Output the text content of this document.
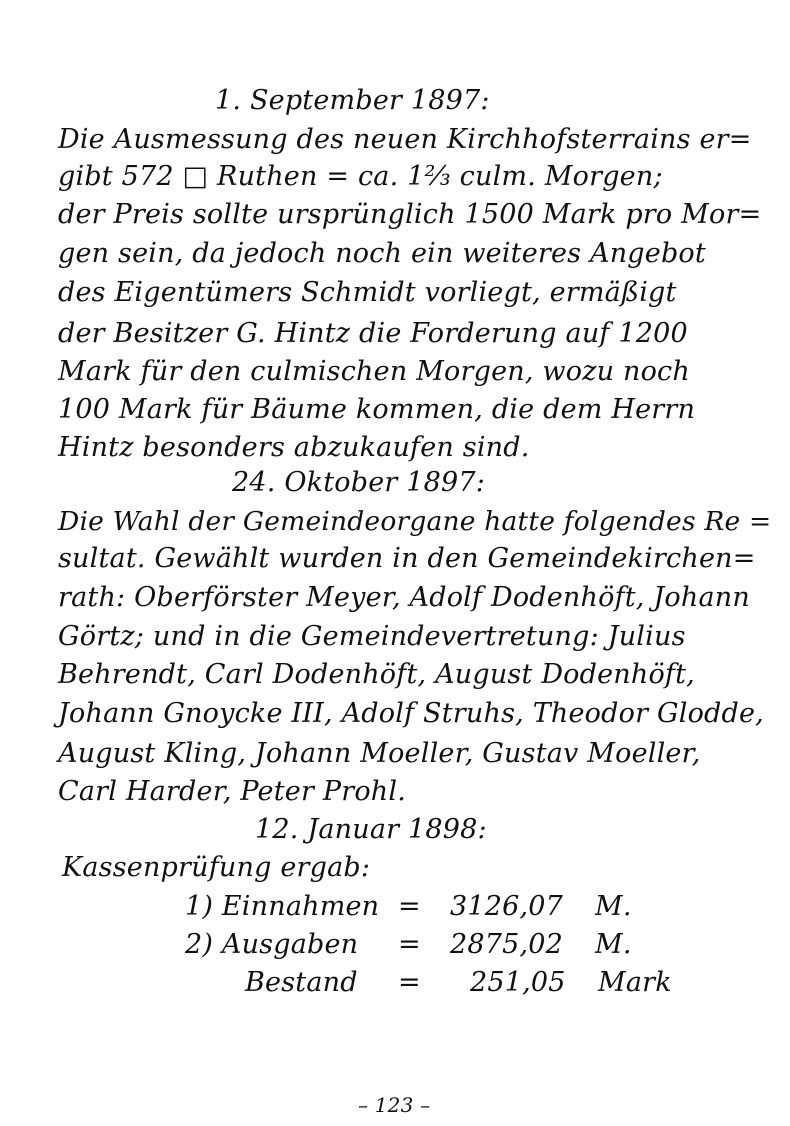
1. September 1897:
Die Ausmessung des neuen Kirchhofsterrains er=
gibt 572 □ Ruthen = ca. 1⅔ culm. Morgen;
der Preis sollte ursprünglich 1500 Mark pro Mor=
gen sein, da jedoch noch ein weiteres Angebot
des Eigentümers Schmidt vorliegt, ermäßigt
der Besitzer G. Hintz die Forderung auf 1200
Mark für den culmischen Morgen, wozu noch
100 Mark für Bäume kommen, die dem Herrn
Hintz besonders abzukaufen sind.
24. Oktober 1897:
Die Wahl der Gemeindeorgane hatte folgendes Re =
sultat. Gewählt wurden in den Gemeindekirchen=
rath: Oberförster Meyer, Adolf Dodenhöft, Johann
Görtz; und in die Gemeindevertretung: Julius
Behrendt, Carl Dodenhöft, August Dodenhöft,
Johann Gnoycke III, Adolf Struhs, Theodor Glodde,
August Kling, Johann Moeller, Gustav Moeller,
Carl Harder, Peter Prohl.
12. Januar 1898:
Kassenprüfung ergab:
1) Einnahmen = 3126,07 M.
2) Ausgaben = 2875,02 M.
Bestand = 251,05 Mark
– 123 –
